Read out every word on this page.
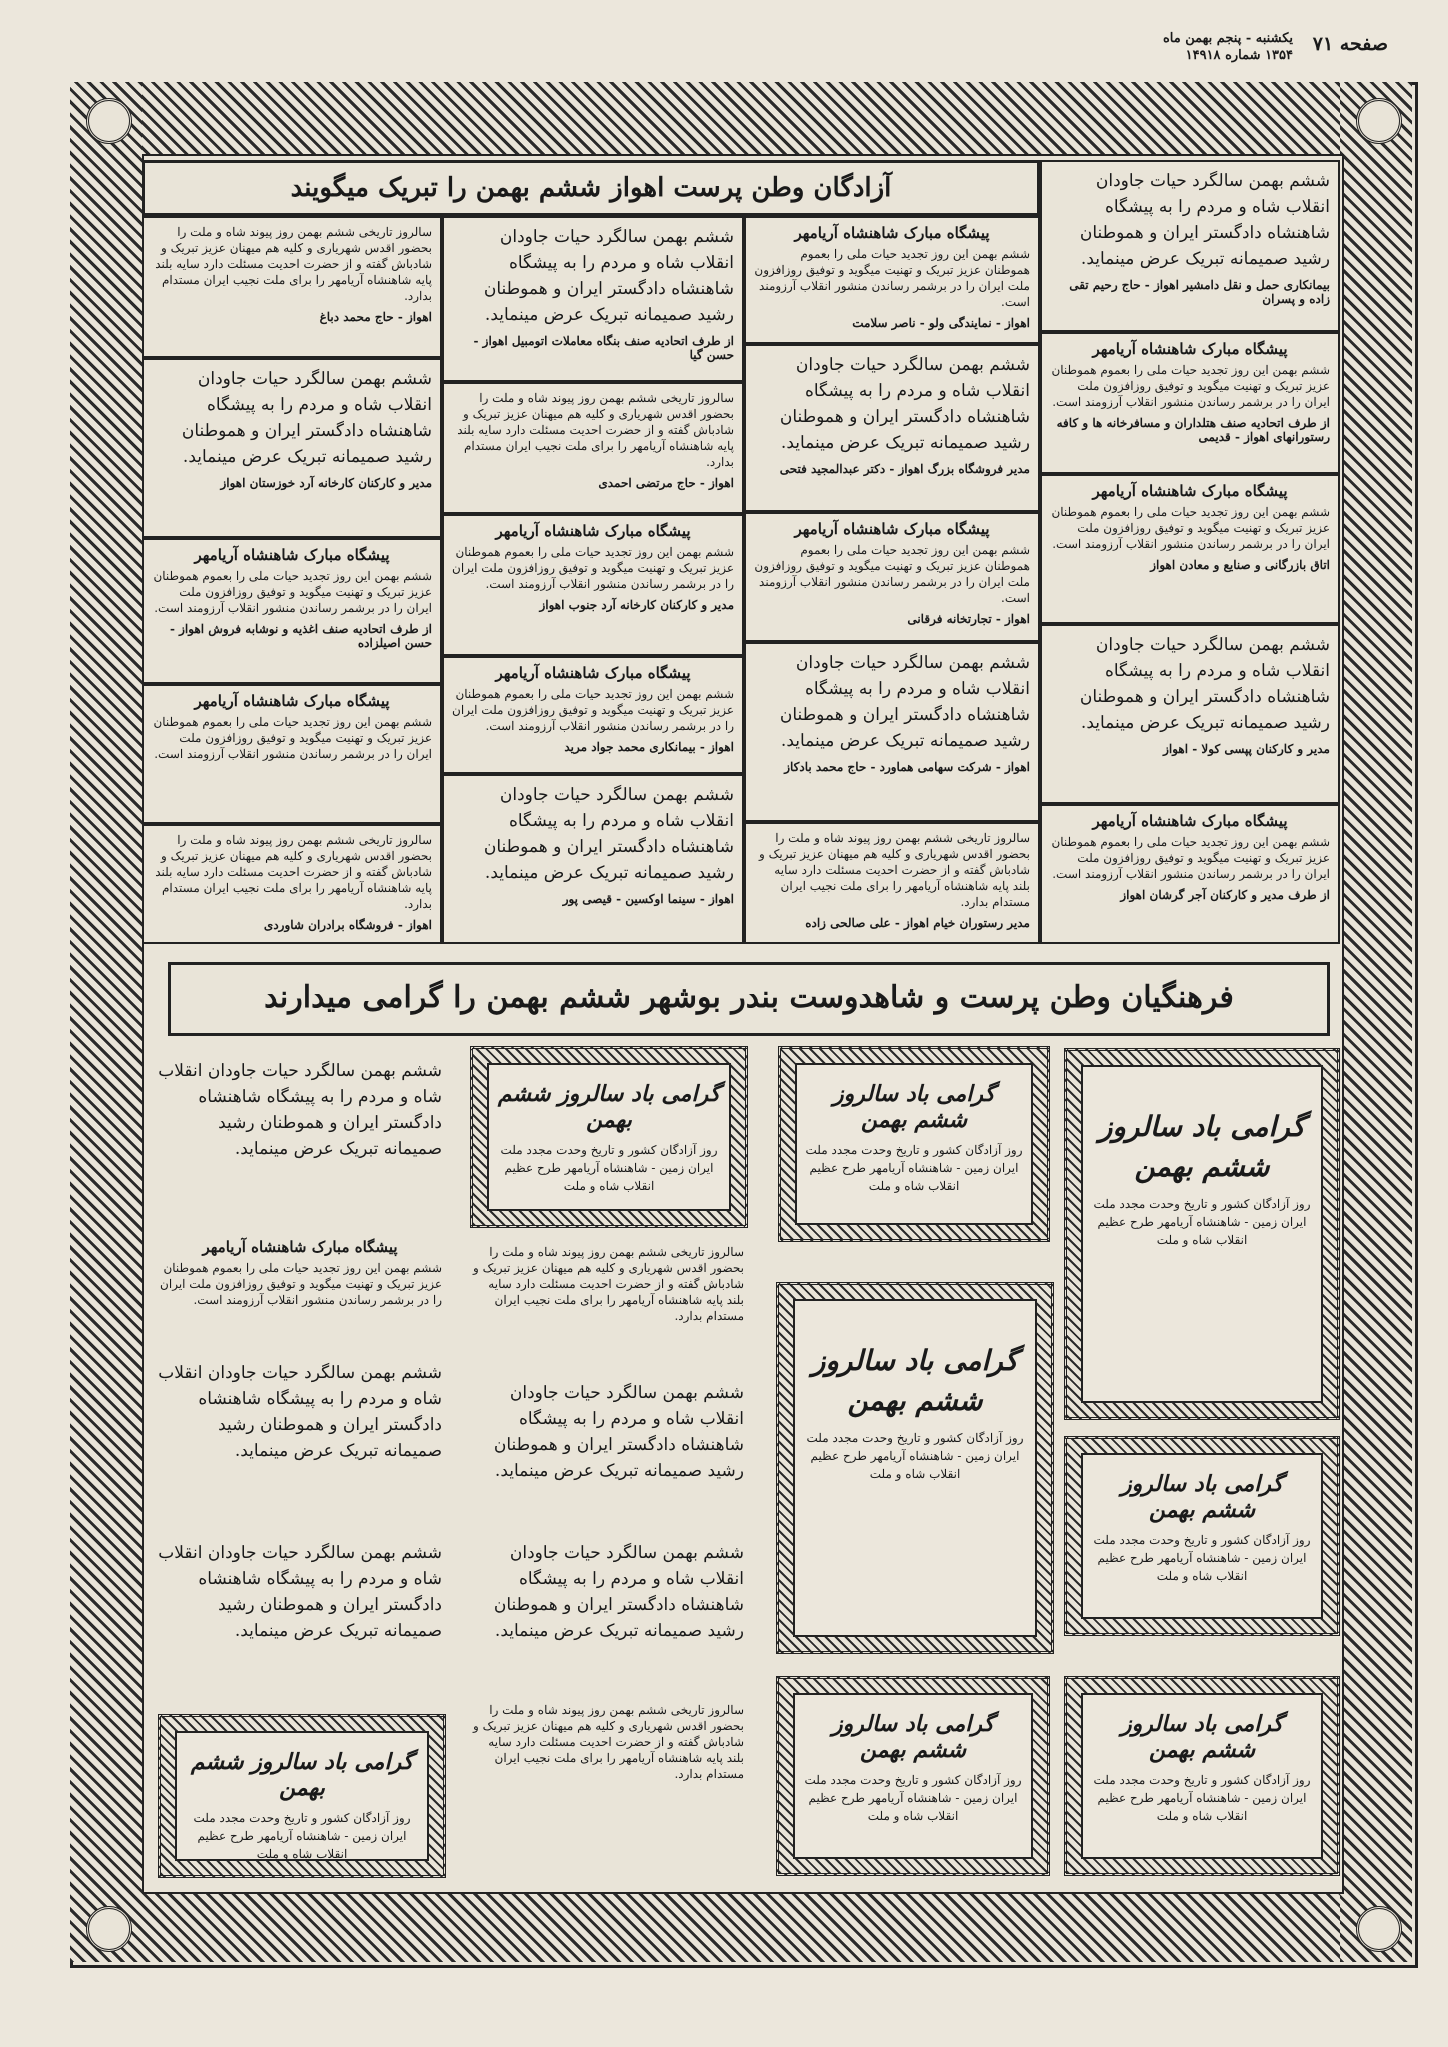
صفحه ۷۱
یکشنبه - پنجم بهمن ماه
۱۳۵۴ شماره ۱۴۹۱۸
آزادگان وطن پرست اهواز ششم بهمن را تبریک میگویند	ششم بهمن سالگرد حیات جاودان انقلاب شاه و مردم را به پیشگاه شاهنشاه دادگستر ایران و هموطنان رشید صمیمانه تبریک عرض مینماید.

بیمانکاری حمل و نقل دامشیر اهواز - حاج رحیم تقی زاده و پسران
پیشگاه مبارک شاهنشاه آریامهر

ششم بهمن این روز تجدید حیات ملی را بعموم هموطنان عزیز تبریک و تهنیت میگوید و توفیق روزافزون ملت ایران را در برشمر رساندن منشور انقلاب آرزومند است.

از طرف اتحادیه صنف هتلداران و مسافرخانه ها و کافه رستورانهای اهواز - قدیمی
پیشگاه مبارک شاهنشاه آریامهر

ششم بهمن این روز تجدید حیات ملی را بعموم هموطنان عزیز تبریک و تهنیت میگوید و توفیق روزافزون ملت ایران را در برشمر رساندن منشور انقلاب آرزومند است.

اتاق بازرگانی و صنایع و معادن اهواز

ششم بهمن سالگرد حیات جاودان انقلاب شاه و مردم را به پیشگاه شاهنشاه دادگستر ایران و هموطنان رشید صمیمانه تبریک عرض مینماید.

مدیر و کارکنان پپسی کولا - اهواز
پیشگاه مبارک شاهنشاه آریامهر

ششم بهمن این روز تجدید حیات ملی را بعموم هموطنان عزیز تبریک و تهنیت میگوید و توفیق روزافزون ملت ایران را در برشمر رساندن منشور انقلاب آرزومند است.

از طرف مدیر و کارکنان آجر گرشان اهواز
پیشگاه مبارک شاهنشاه آریامهر

ششم بهمن این روز تجدید حیات ملی را بعموم هموطنان عزیز تبریک و تهنیت میگوید و توفیق روزافزون ملت ایران را در برشمر رساندن منشور انقلاب آرزومند است.

اهواز - نمایندگی ولو - ناصر سلامت

ششم بهمن سالگرد حیات جاودان انقلاب شاه و مردم را به پیشگاه شاهنشاه دادگستر ایران و هموطنان رشید صمیمانه تبریک عرض مینماید.

مدیر فروشگاه بزرگ اهواز - دکتر عبدالمجید فتحی
پیشگاه مبارک شاهنشاه آریامهر

ششم بهمن این روز تجدید حیات ملی را بعموم هموطنان عزیز تبریک و تهنیت میگوید و توفیق روزافزون ملت ایران را در برشمر رساندن منشور انقلاب آرزومند است.

اهواز - تجارتخانه فرقانی

ششم بهمن سالگرد حیات جاودان انقلاب شاه و مردم را به پیشگاه شاهنشاه دادگستر ایران و هموطنان رشید صمیمانه تبریک عرض مینماید.

اهواز - شرکت سهامی هماورد - حاج محمد بادکاز

سالروز تاریخی ششم بهمن روز پیوند شاه و ملت را بحضور اقدس شهریاری و کلیه هم میهنان عزیز تبریک و شادباش گفته و از حضرت احدیت مسئلت دارد سایه بلند پایه شاهنشاه آریامهر را برای ملت نجیب ایران مستدام بدارد.

مدیر رستوران خیام اهواز - علی صالحی زاده

ششم بهمن سالگرد حیات جاودان انقلاب شاه و مردم را به پیشگاه شاهنشاه دادگستر ایران و هموطنان رشید صمیمانه تبریک عرض مینماید.

از طرف اتحادیه صنف بنگاه معاملات اتومبیل اهواز - حسن گیا

سالروز تاریخی ششم بهمن روز پیوند شاه و ملت را بحضور اقدس شهریاری و کلیه هم میهنان عزیز تبریک و شادباش گفته و از حضرت احدیت مسئلت دارد سایه بلند پایه شاهنشاه آریامهر را برای ملت نجیب ایران مستدام بدارد.

اهواز - حاج مرتضی احمدی
پیشگاه مبارک شاهنشاه آریامهر

ششم بهمن این روز تجدید حیات ملی را بعموم هموطنان عزیز تبریک و تهنیت میگوید و توفیق روزافزون ملت ایران را در برشمر رساندن منشور انقلاب آرزومند است.

مدیر و کارکنان کارخانه آرد جنوب اهواز
پیشگاه مبارک شاهنشاه آریامهر

ششم بهمن این روز تجدید حیات ملی را بعموم هموطنان عزیز تبریک و تهنیت میگوید و توفیق روزافزون ملت ایران را در برشمر رساندن منشور انقلاب آرزومند است.

اهواز - بیمانکاری محمد جواد مرید

ششم بهمن سالگرد حیات جاودان انقلاب شاه و مردم را به پیشگاه شاهنشاه دادگستر ایران و هموطنان رشید صمیمانه تبریک عرض مینماید.

اهواز - سینما اوکسین - قیصی پور

سالروز تاریخی ششم بهمن روز پیوند شاه و ملت را بحضور اقدس شهریاری و کلیه هم میهنان عزیز تبریک و شادباش گفته و از حضرت احدیت مسئلت دارد سایه بلند پایه شاهنشاه آریامهر را برای ملت نجیب ایران مستدام بدارد.

اهواز - حاج محمد دباغ

ششم بهمن سالگرد حیات جاودان انقلاب شاه و مردم را به پیشگاه شاهنشاه دادگستر ایران و هموطنان رشید صمیمانه تبریک عرض مینماید.

مدیر و کارکنان کارخانه آرد خوزستان اهواز
پیشگاه مبارک شاهنشاه آریامهر

ششم بهمن این روز تجدید حیات ملی را بعموم هموطنان عزیز تبریک و تهنیت میگوید و توفیق روزافزون ملت ایران را در برشمر رساندن منشور انقلاب آرزومند است.

از طرف اتحادیه صنف اغذیه و نوشابه فروش اهواز - حسن اصیلزاده
پیشگاه مبارک شاهنشاه آریامهر

ششم بهمن این روز تجدید حیات ملی را بعموم هموطنان عزیز تبریک و تهنیت میگوید و توفیق روزافزون ملت ایران را در برشمر رساندن منشور انقلاب آرزومند است.

سالروز تاریخی ششم بهمن روز پیوند شاه و ملت را بحضور اقدس شهریاری و کلیه هم میهنان عزیز تبریک و شادباش گفته و از حضرت احدیت مسئلت دارد سایه بلند پایه شاهنشاه آریامهر را برای ملت نجیب ایران مستدام بدارد.

اهواز - فروشگاه برادران شاوردی
فرهنگیان وطن پرست و شاهدوست بندر بوشهر ششم بهمن را گرامی میدارند

ششم بهمن سالگرد حیات جاودان انقلاب شاه و مردم را به پیشگاه شاهنشاه دادگستر ایران و هموطنان رشید صمیمانه تبریک عرض مینماید.

پیشگاه مبارک شاهنشاه آریامهر

ششم بهمن این روز تجدید حیات ملی را بعموم هموطنان عزیز تبریک و تهنیت میگوید و توفیق روزافزون ملت ایران را در برشمر رساندن منشور انقلاب آرزومند است.

ششم بهمن سالگرد حیات جاودان انقلاب شاه و مردم را به پیشگاه شاهنشاه دادگستر ایران و هموطنان رشید صمیمانه تبریک عرض مینماید.

ششم بهمن سالگرد حیات جاودان انقلاب شاه و مردم را به پیشگاه شاهنشاه دادگستر ایران و هموطنان رشید صمیمانه تبریک عرض مینماید.

گرامی باد سالروز ششم بهمن
روز آزادگان کشور و تاریخ وحدت مجدد ملت ایران زمین - شاهنشاه آریامهر طرح عظیم انقلاب شاه و ملت
گرامی باد سالروز ششم بهمن
روز آزادگان کشور و تاریخ وحدت مجدد ملت ایران زمین - شاهنشاه آریامهر طرح عظیم انقلاب شاه و ملت

سالروز تاریخی ششم بهمن روز پیوند شاه و ملت را بحضور اقدس شهریاری و کلیه هم میهنان عزیز تبریک و شادباش گفته و از حضرت احدیت مسئلت دارد سایه بلند پایه شاهنشاه آریامهر را برای ملت نجیب ایران مستدام بدارد.

ششم بهمن سالگرد حیات جاودان انقلاب شاه و مردم را به پیشگاه شاهنشاه دادگستر ایران و هموطنان رشید صمیمانه تبریک عرض مینماید.

ششم بهمن سالگرد حیات جاودان انقلاب شاه و مردم را به پیشگاه شاهنشاه دادگستر ایران و هموطنان رشید صمیمانه تبریک عرض مینماید.

سالروز تاریخی ششم بهمن روز پیوند شاه و ملت را بحضور اقدس شهریاری و کلیه هم میهنان عزیز تبریک و شادباش گفته و از حضرت احدیت مسئلت دارد سایه بلند پایه شاهنشاه آریامهر را برای ملت نجیب ایران مستدام بدارد.

گرامی باد سالروز ششم بهمن
روز آزادگان کشور و تاریخ وحدت مجدد ملت ایران زمین - شاهنشاه آریامهر طرح عظیم انقلاب شاه و ملت
گرامی باد سالروز ششم بهمن
روز آزادگان کشور و تاریخ وحدت مجدد ملت ایران زمین - شاهنشاه آریامهر طرح عظیم انقلاب شاه و ملت
گرامی باد سالروز ششم بهمن
روز آزادگان کشور و تاریخ وحدت مجدد ملت ایران زمین - شاهنشاه آریامهر طرح عظیم انقلاب شاه و ملت	گرامی باد سالروز ششم بهمن
روز آزادگان کشور و تاریخ وحدت مجدد ملت ایران زمین - شاهنشاه آریامهر طرح عظیم انقلاب شاه و ملت
گرامی باد سالروز ششم بهمن
روز آزادگان کشور و تاریخ وحدت مجدد ملت ایران زمین - شاهنشاه آریامهر طرح عظیم انقلاب شاه و ملت
گرامی باد سالروز ششم بهمن
روز آزادگان کشور و تاریخ وحدت مجدد ملت ایران زمین - شاهنشاه آریامهر طرح عظیم انقلاب شاه و ملت
